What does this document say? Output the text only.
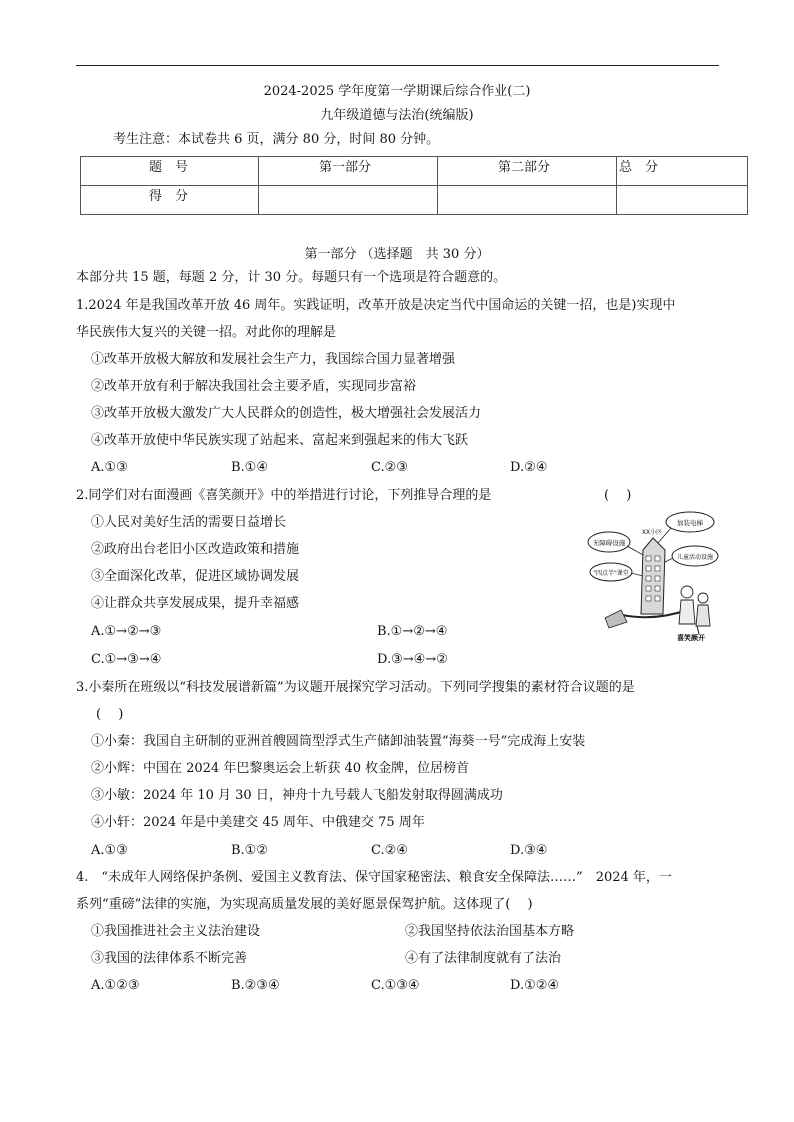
2024-2025 学年度第一学期课后综合作业(二)
九年级道德与法治(统编版)
考生注意：本试卷共 6 页，满分 80 分，时间 80 分钟。
题　号	第一部分	第二部分	总　分
得　分			
第一部分 （选择题　共 30 分）
本部分共 15 题，每题 2 分，计 30 分。每题只有一个选项是符合题意的。
1.2024 年是我国改革开放 46 周年。实践证明，改革开放是决定当代中国命运的关键一招，也是)实现中
华民族伟大复兴的关键一招。对此你的理解是
①改革开放极大解放和发展社会生产力，我国综合国力显著增强
②改革开放有利于解决我国社会主要矛盾，实现同步富裕
③改革开放极大激发广大人民群众的创造性，极大增强社会发展活力
④改革开放使中华民族实现了站起来、富起来到强起来的伟大飞跃
A.①③	B.①④	C.②③	D.②④
2.同学们对右面漫画《喜笑颜开》中的举措进行讨论，下列推导合理的是	(　 )
①人民对美好生活的需要日益增长
②政府出台老旧小区改造政策和措施
③全面深化改革，促进区域协调发展
④让群众共享发展成果，提升幸福感
A.①→②→③	B.①→②→④
C.①→③→④	D.③→④→②
无障碍设施
XX小区
加装电梯
儿童活动设施
"四点半"课堂
喜笑颜开
3.小秦所在班级以“科技发展谱新篇”为议题开展探究学习活动。下列同学搜集的素材符合议题的是
(　 )
①小秦：我国自主研制的亚洲首艘圆筒型浮式生产储卸油装置“海葵一号”完成海上安装
②小辉：中国在 2024 年巴黎奥运会上斩获 40 枚金牌，位居榜首
③小敏：2024 年 10 月 30 日，神舟十九号载人飞船发射取得圆满成功
④小轩：2024 年是中美建交 45 周年、中俄建交 75 周年
A.①③	B.①②	C.②④	D.③④
4.　“未成年人网络保护条例、爱国主义教育法、保守国家秘密法、粮食安全保障法……”　2024 年，一
系列“重磅”法律的实施，为实现高质量发展的美好愿景保驾护航。这体现了(　 )
①我国推进社会主义法治建设	②我国坚持依法治国基本方略
③我国的法律体系不断完善	④有了法律制度就有了法治
A.①②③	B.②③④	C.①③④	D.①②④
